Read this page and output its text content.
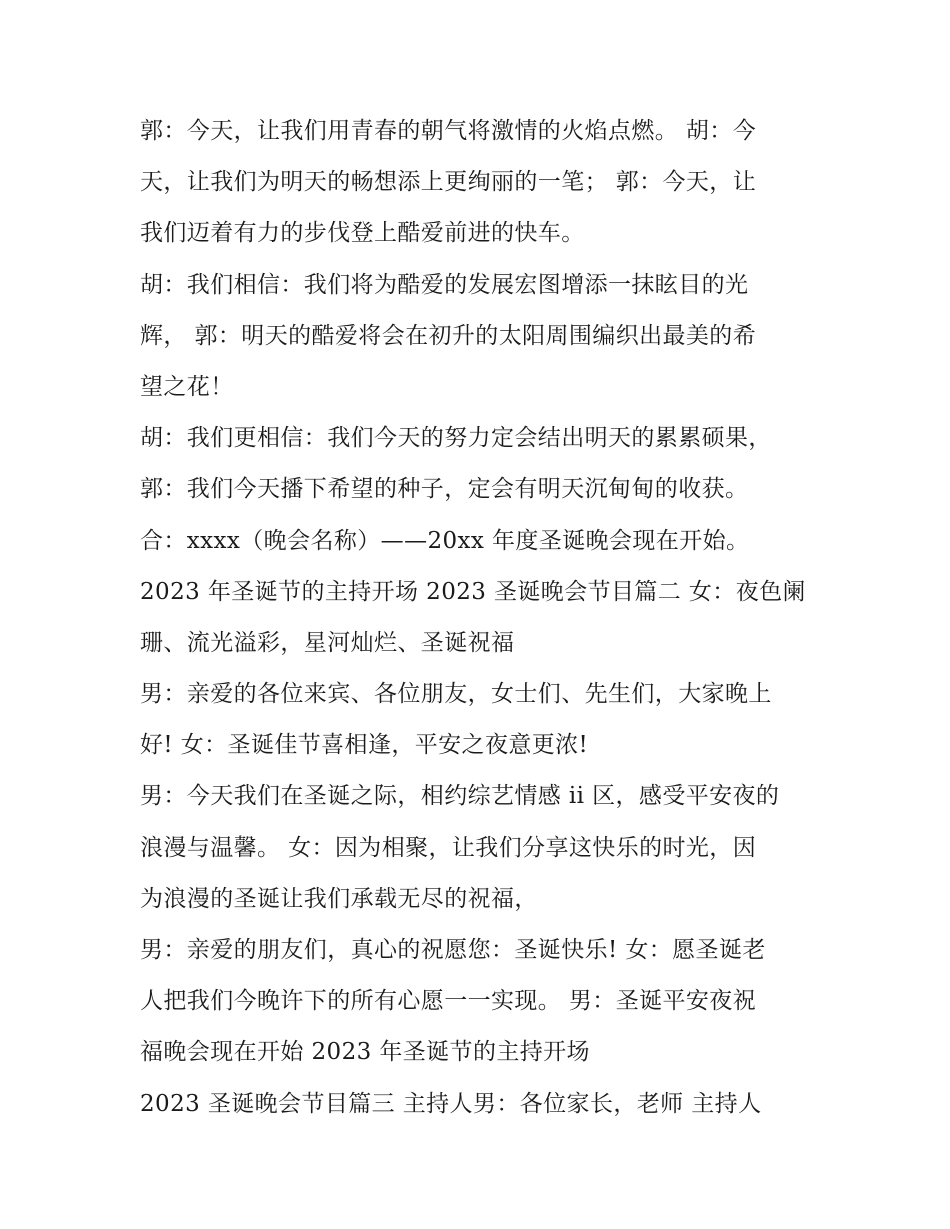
郭：今天，让我们用青春的朝气将激情的火焰点燃。 胡：今
天，让我们为明天的畅想添上更绚丽的一笔； 郭：今天，让
我们迈着有力的步伐登上酷爱前进的快车。
胡：我们相信：我们将为酷爱的发展宏图增添一抹眩目的光
辉， 郭：明天的酷爱将会在初升的太阳周围编织出最美的希
望之花！
胡：我们更相信：我们今天的努力定会结出明天的累累硕果，
郭：我们今天播下希望的种子，定会有明天沉甸甸的收获。
合：xxxx（晚会名称）——20xx 年度圣诞晚会现在开始。
2023 年圣诞节的主持开场 2023 圣诞晚会节目篇二 女：夜色阑
珊、流光溢彩，星河灿烂、圣诞祝福
男：亲爱的各位来宾、各位朋友，女士们、先生们，大家晚上
好! 女：圣诞佳节喜相逢，平安之夜意更浓!
男：今天我们在圣诞之际，相约综艺情感 ii 区，感受平安夜的
浪漫与温馨。 女：因为相聚，让我们分享这快乐的时光，因
为浪漫的圣诞让我们承载无尽的祝福，
男：亲爱的朋友们，真心的祝愿您：圣诞快乐! 女：愿圣诞老
人把我们今晚许下的所有心愿一一实现。 男：圣诞平安夜祝
福晚会现在开始 2023 年圣诞节的主持开场
2023 圣诞晚会节目篇三 主持人男：各位家长，老师 主持人
